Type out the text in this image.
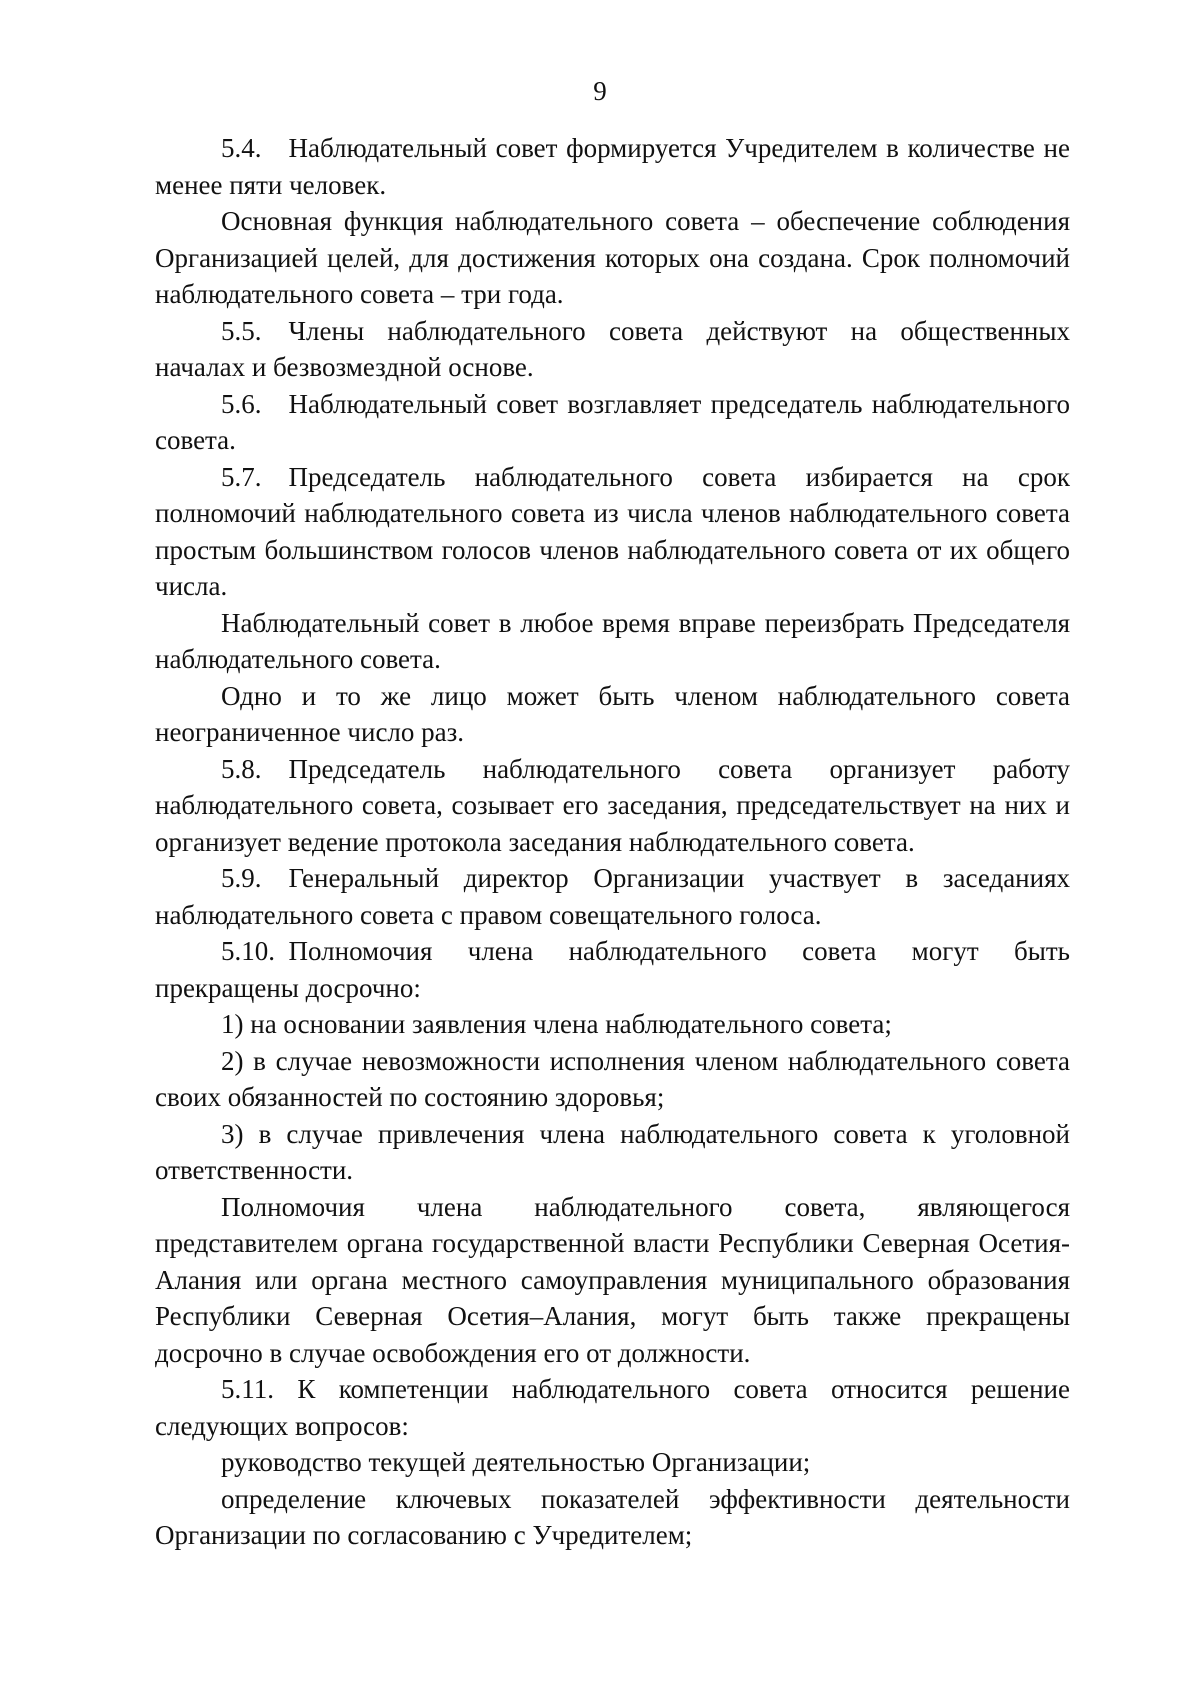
9

5.4. Наблюдательный совет формируется Учредителем в количестве не менее пяти человек.

Основная функция наблюдательного совета – обеспечение соблюдения Организацией целей, для достижения которых она создана. Срок полномочий наблюдательного совета – три года.

5.5. Члены наблюдательного совета действуют на общественных началах и безвозмездной основе.

5.6. Наблюдательный совет возглавляет председатель наблюдательного совета.

5.7. Председатель наблюдательного совета избирается на срок полномочий наблюдательного совета из числа членов наблюдательного совета простым большинством голосов членов наблюдательного совета от их общего числа.

Наблюдательный совет в любое время вправе переизбрать Председателя наблюдательного совета.

Одно и то же лицо может быть членом наблюдательного совета неограниченное число раз.

5.8. Председатель наблюдательного совета организует работу наблюдательного совета, созывает его заседания, председательствует на них и организует ведение протокола заседания наблюдательного совета.

5.9. Генеральный директор Организации участвует в заседаниях наблюдательного совета с правом совещательного голоса.

5.10. Полномочия члена наблюдательного совета могут быть прекращены досрочно:

1) на основании заявления члена наблюдательного совета;

2) в случае невозможности исполнения членом наблюдательного совета своих обязанностей по состоянию здоровья;

3) в случае привлечения члена наблюдательного совета к уголовной ответственности.

Полномочия члена наблюдательного совета, являющегося представителем органа государственной власти Республики Северная Осетия-Алания или органа местного самоуправления муниципального образования Республики Северная Осетия–Алания, могут быть также прекращены досрочно в случае освобождения его от должности.

5.11. К компетенции наблюдательного совета относится решение следующих вопросов:

руководство текущей деятельностью Организации;

определение ключевых показателей эффективности деятельности Организации по согласованию с Учредителем;
